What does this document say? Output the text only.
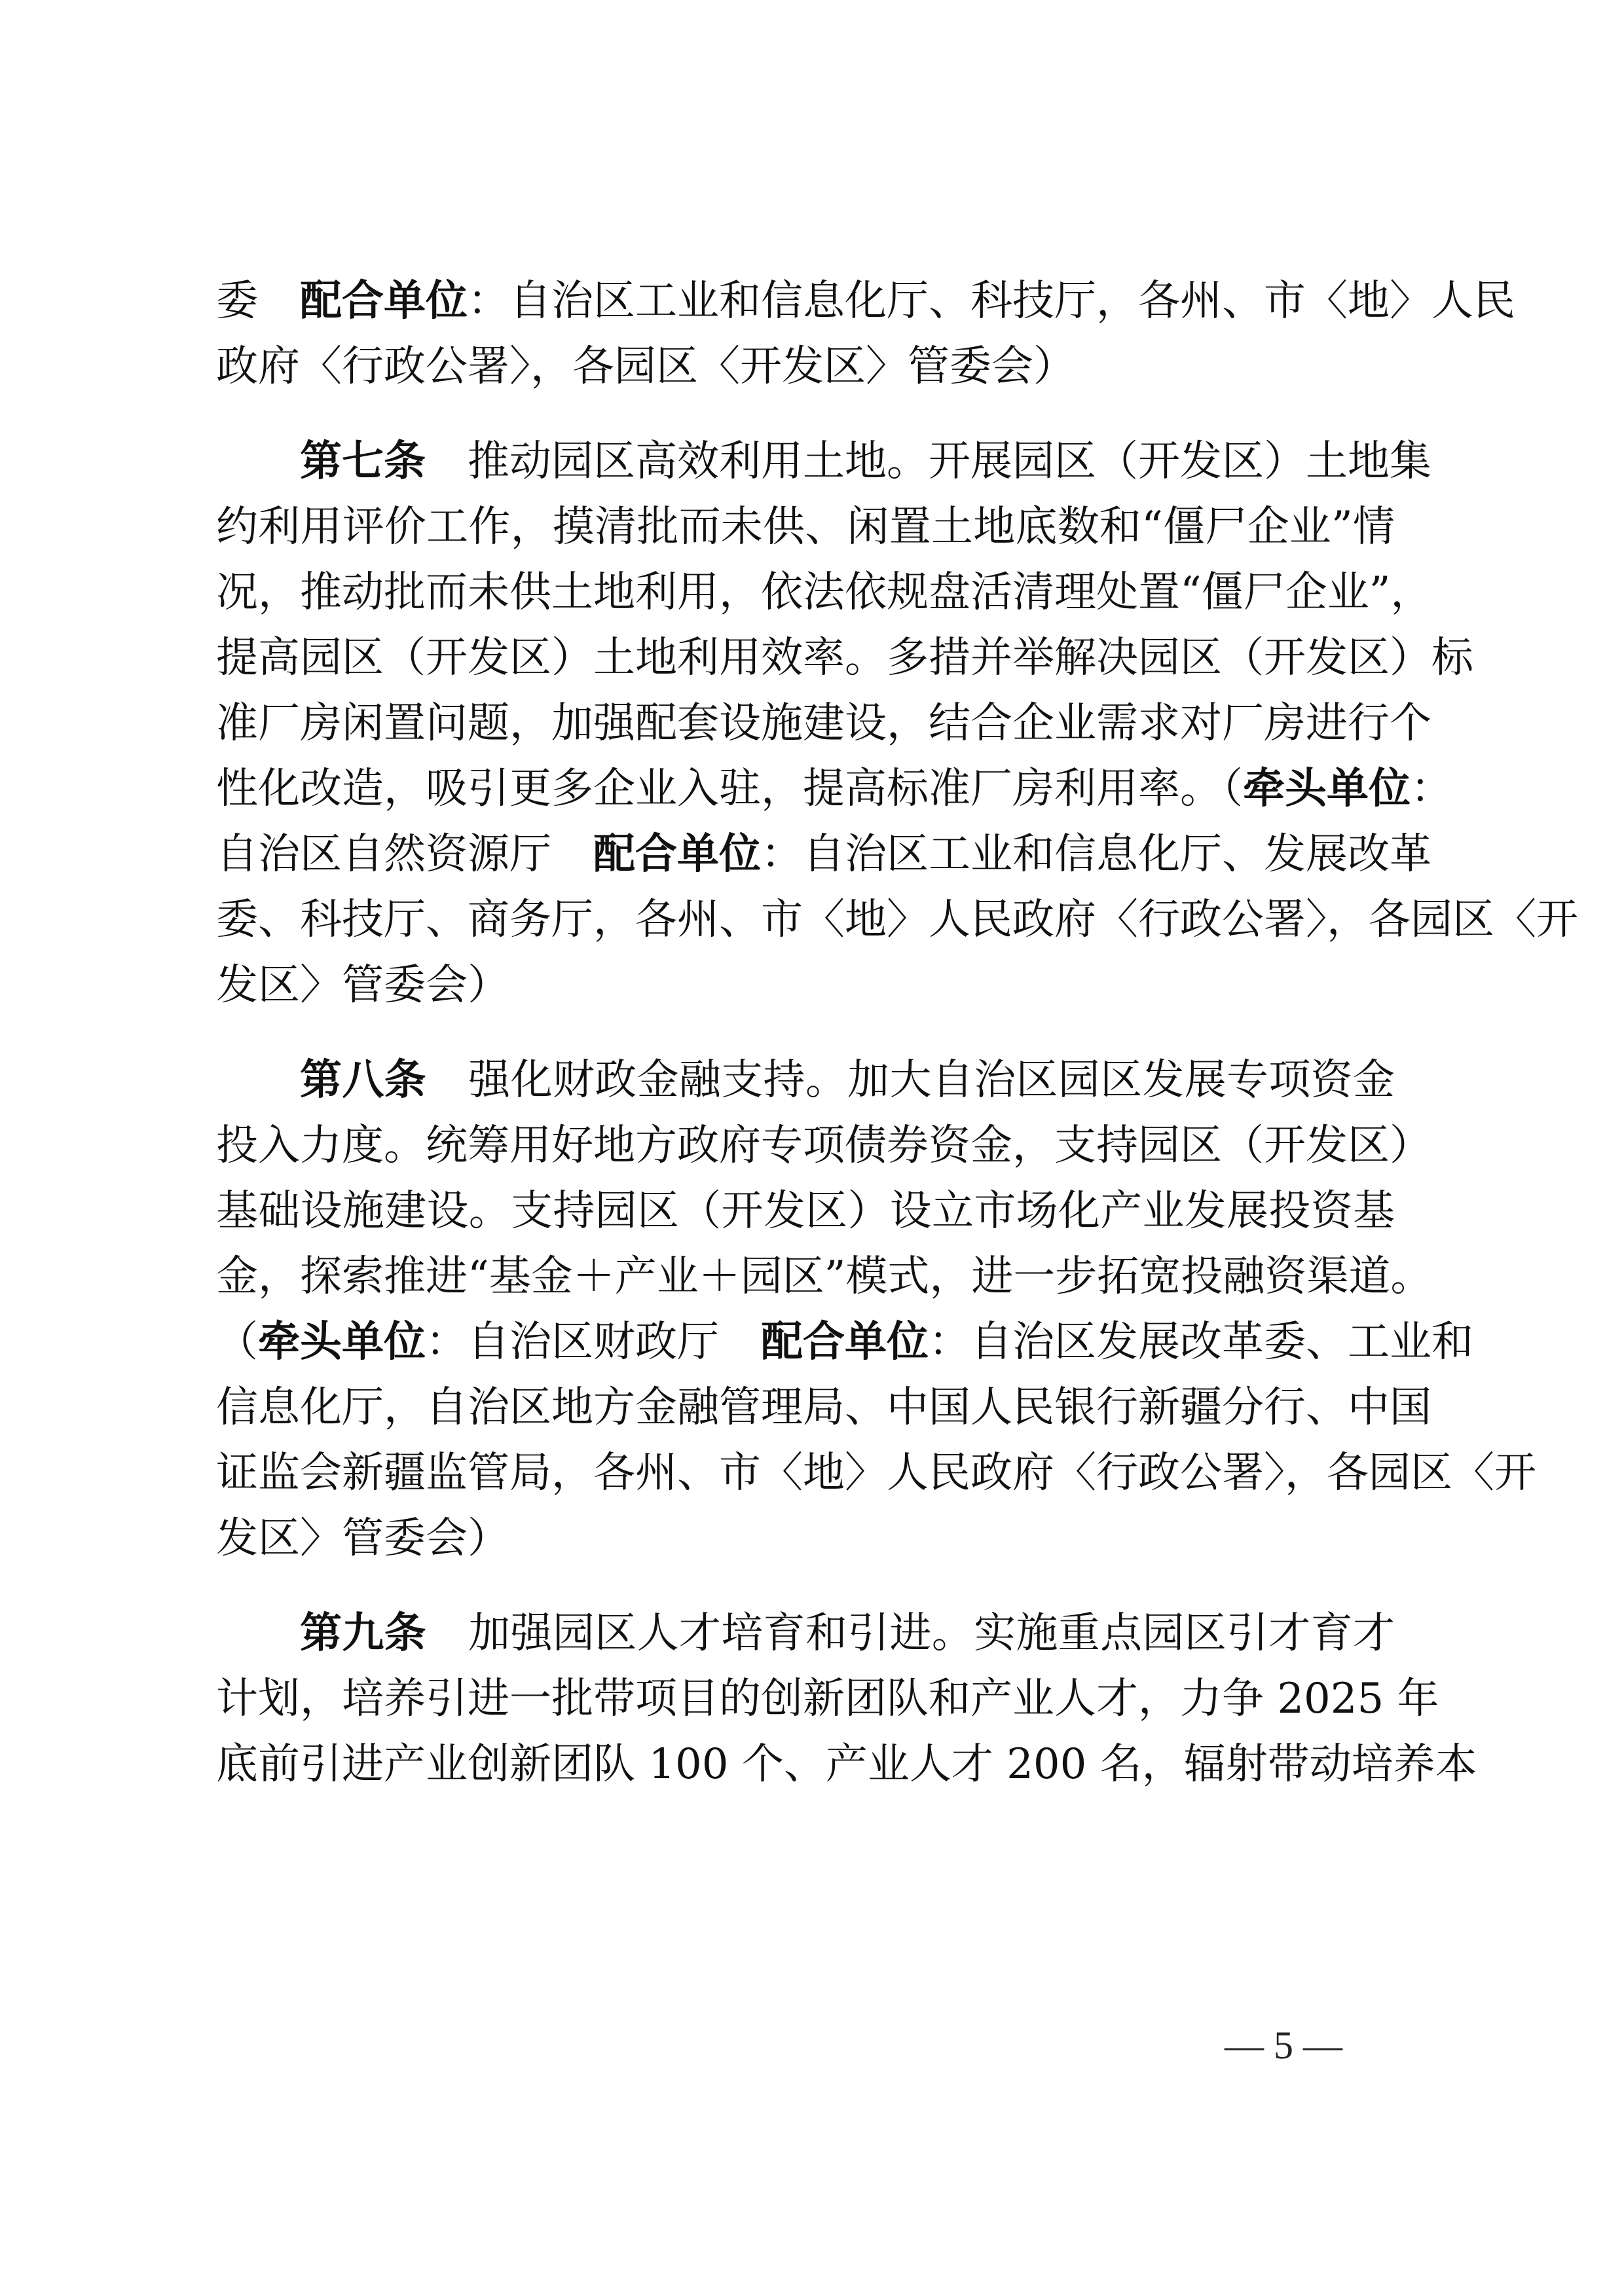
委 配合单位：自治区工业和信息化厅、科技厅，各州、市〈地〉人民
政府〈行政公署〉，各园区〈开发区〉管委会）
第七条 推动园区高效利用土地。开展园区（开发区）土地集
约利用评价工作，摸清批而未供、闲置土地底数和“僵尸企业”情
况，推动批而未供土地利用，依法依规盘活清理处置“僵尸企业”，
提高园区（开发区）土地利用效率。多措并举解决园区（开发区）标
准厂房闲置问题，加强配套设施建设，结合企业需求对厂房进行个
性化改造，吸引更多企业入驻，提高标准厂房利用率。（牵头单位：
自治区自然资源厅 配合单位：自治区工业和信息化厅、发展改革
委、科技厅、商务厅，各州、市〈地〉人民政府〈行政公署〉，各园区〈开
发区〉管委会）
第八条 强化财政金融支持。加大自治区园区发展专项资金
投入力度。统筹用好地方政府专项债券资金，支持园区（开发区）
基础设施建设。支持园区（开发区）设立市场化产业发展投资基
金，探索推进“基金＋产业＋园区”模式，进一步拓宽投融资渠道。
（牵头单位：自治区财政厅 配合单位：自治区发展改革委、工业和
信息化厅，自治区地方金融管理局、中国人民银行新疆分行、中国
证监会新疆监管局，各州、市〈地〉人民政府〈行政公署〉，各园区〈开
发区〉管委会）
第九条 加强园区人才培育和引进。实施重点园区引才育才
计划，培养引进一批带项目的创新团队和产业人才，力争 2025 年
底前引进产业创新团队 100 个、产业人才 200 名，辐射带动培养本
— 5 —
